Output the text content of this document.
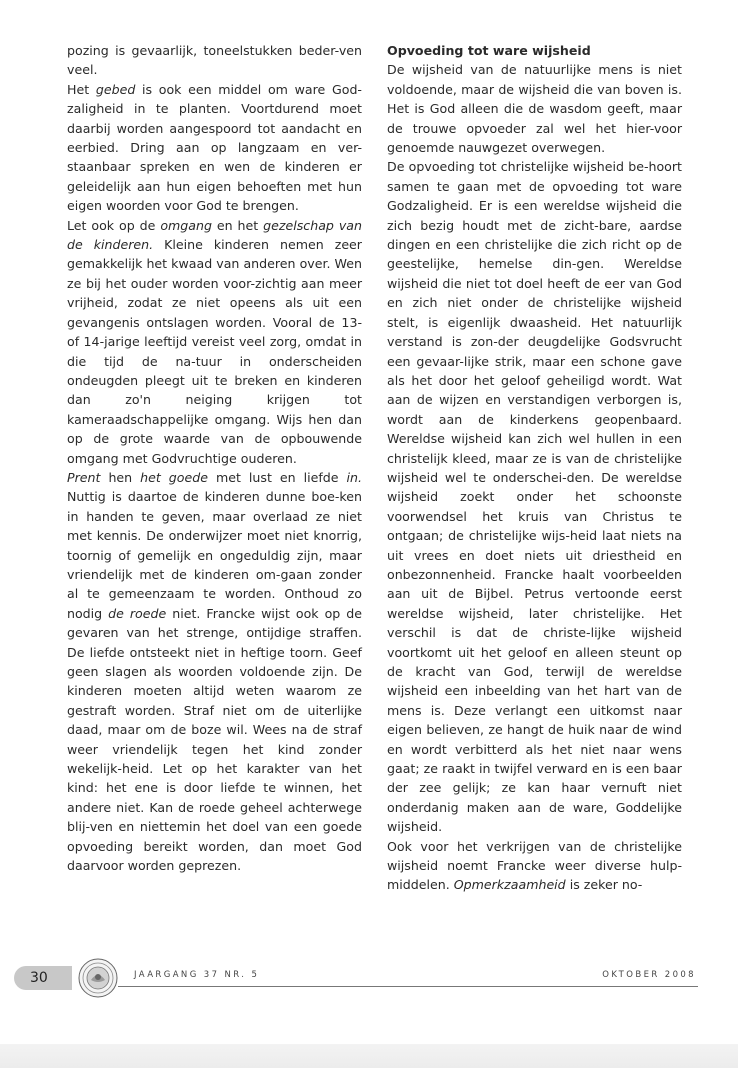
pozing is gevaarlijk, toneelstukken beder-ven veel.

Het gebed is ook een middel om ware God-zaligheid in te planten. Voortdurend moet daarbij worden aangespoord tot aandacht en eerbied. Dring aan op langzaam en ver-staanbaar spreken en wen de kinderen er geleidelijk aan hun eigen behoeften met hun eigen woorden voor God te brengen.

Let ook op de omgang en het gezelschap van de kinderen. Kleine kinderen nemen zeer gemakkelijk het kwaad van anderen over. Wen ze bij het ouder worden voor-zichtig aan meer vrijheid, zodat ze niet opeens als uit een gevangenis ontslagen worden. Vooral de 13- of 14-jarige leeftijd vereist veel zorg, omdat in die tijd de na-tuur in onderscheiden ondeugden pleegt uit te breken en kinderen dan zo'n neiging krijgen tot kameraadschappelijke omgang. Wijs hen dan op de grote waarde van de opbouwende omgang met Godvruchtige ouderen.

Prent hen het goede met lust en liefde in. Nuttig is daartoe de kinderen dunne boe-ken in handen te geven, maar overlaad ze niet met kennis. De onderwijzer moet niet knorrig, toornig of gemelijk en ongeduldig zijn, maar vriendelijk met de kinderen om-gaan zonder al te gemeenzaam te worden. Onthoud zo nodig de roede niet. Francke wijst ook op de gevaren van het strenge, ontijdige straffen. De liefde ontsteekt niet in heftige toorn. Geef geen slagen als woorden voldoende zijn. De kinderen moeten altijd weten waarom ze gestraft worden. Straf niet om de uiterlijke daad, maar om de boze wil. Wees na de straf weer vriendelijk tegen het kind zonder wekelijk-heid. Let op het karakter van het kind: het ene is door liefde te winnen, het andere niet. Kan de roede geheel achterwege blij-ven en niettemin het doel van een goede opvoeding bereikt worden, dan moet God daarvoor worden geprezen.

Opvoeding tot ware wijsheid

De wijsheid van de natuurlijke mens is niet voldoende, maar de wijsheid die van boven is. Het is God alleen die de wasdom geeft, maar de trouwe opvoeder zal wel het hier-voor genoemde nauwgezet overwegen.

De opvoeding tot christelijke wijsheid be-hoort samen te gaan met de opvoeding tot ware Godzaligheid. Er is een wereldse wijsheid die zich bezig houdt met de zicht-bare, aardse dingen en een christelijke die zich richt op de geestelijke, hemelse din-gen. Wereldse wijsheid die niet tot doel heeft de eer van God en zich niet onder de christelijke wijsheid stelt, is eigenlijk dwaasheid. Het natuurlijk verstand is zon-der deugdelijke Godsvrucht een gevaar-lijke strik, maar een schone gave als het door het geloof geheiligd wordt. Wat aan de wijzen en verstandigen verborgen is, wordt aan de kinderkens geopenbaard. Wereldse wijsheid kan zich wel hullen in een christelijk kleed, maar ze is van de christelijke wijsheid wel te onderschei-den. De wereldse wijsheid zoekt onder het schoonste voorwendsel het kruis van Christus te ontgaan; de christelijke wijs-heid laat niets na uit vrees en doet niets uit driestheid en onbezonnenheid. Francke haalt voorbeelden aan uit de Bijbel. Petrus vertoonde eerst wereldse wijsheid, later christelijke. Het verschil is dat de christe-lijke wijsheid voortkomt uit het geloof en alleen steunt op de kracht van God, terwijl de wereldse wijsheid een inbeelding van het hart van de mens is. Deze verlangt een uitkomst naar eigen believen, ze hangt de huik naar de wind en wordt verbitterd als het niet naar wens gaat; ze raakt in twijfel verward en is een baar der zee gelijk; ze kan haar vernuft niet onderdanig maken aan de ware, Goddelijke wijsheid.

Ook voor het verkrijgen van de christelijke wijsheid noemt Francke weer diverse hulp-middelen. Opmerkzaamheid is zeker no-

30	JAARGANG 37 NR. 5	OKTOBER 2008
